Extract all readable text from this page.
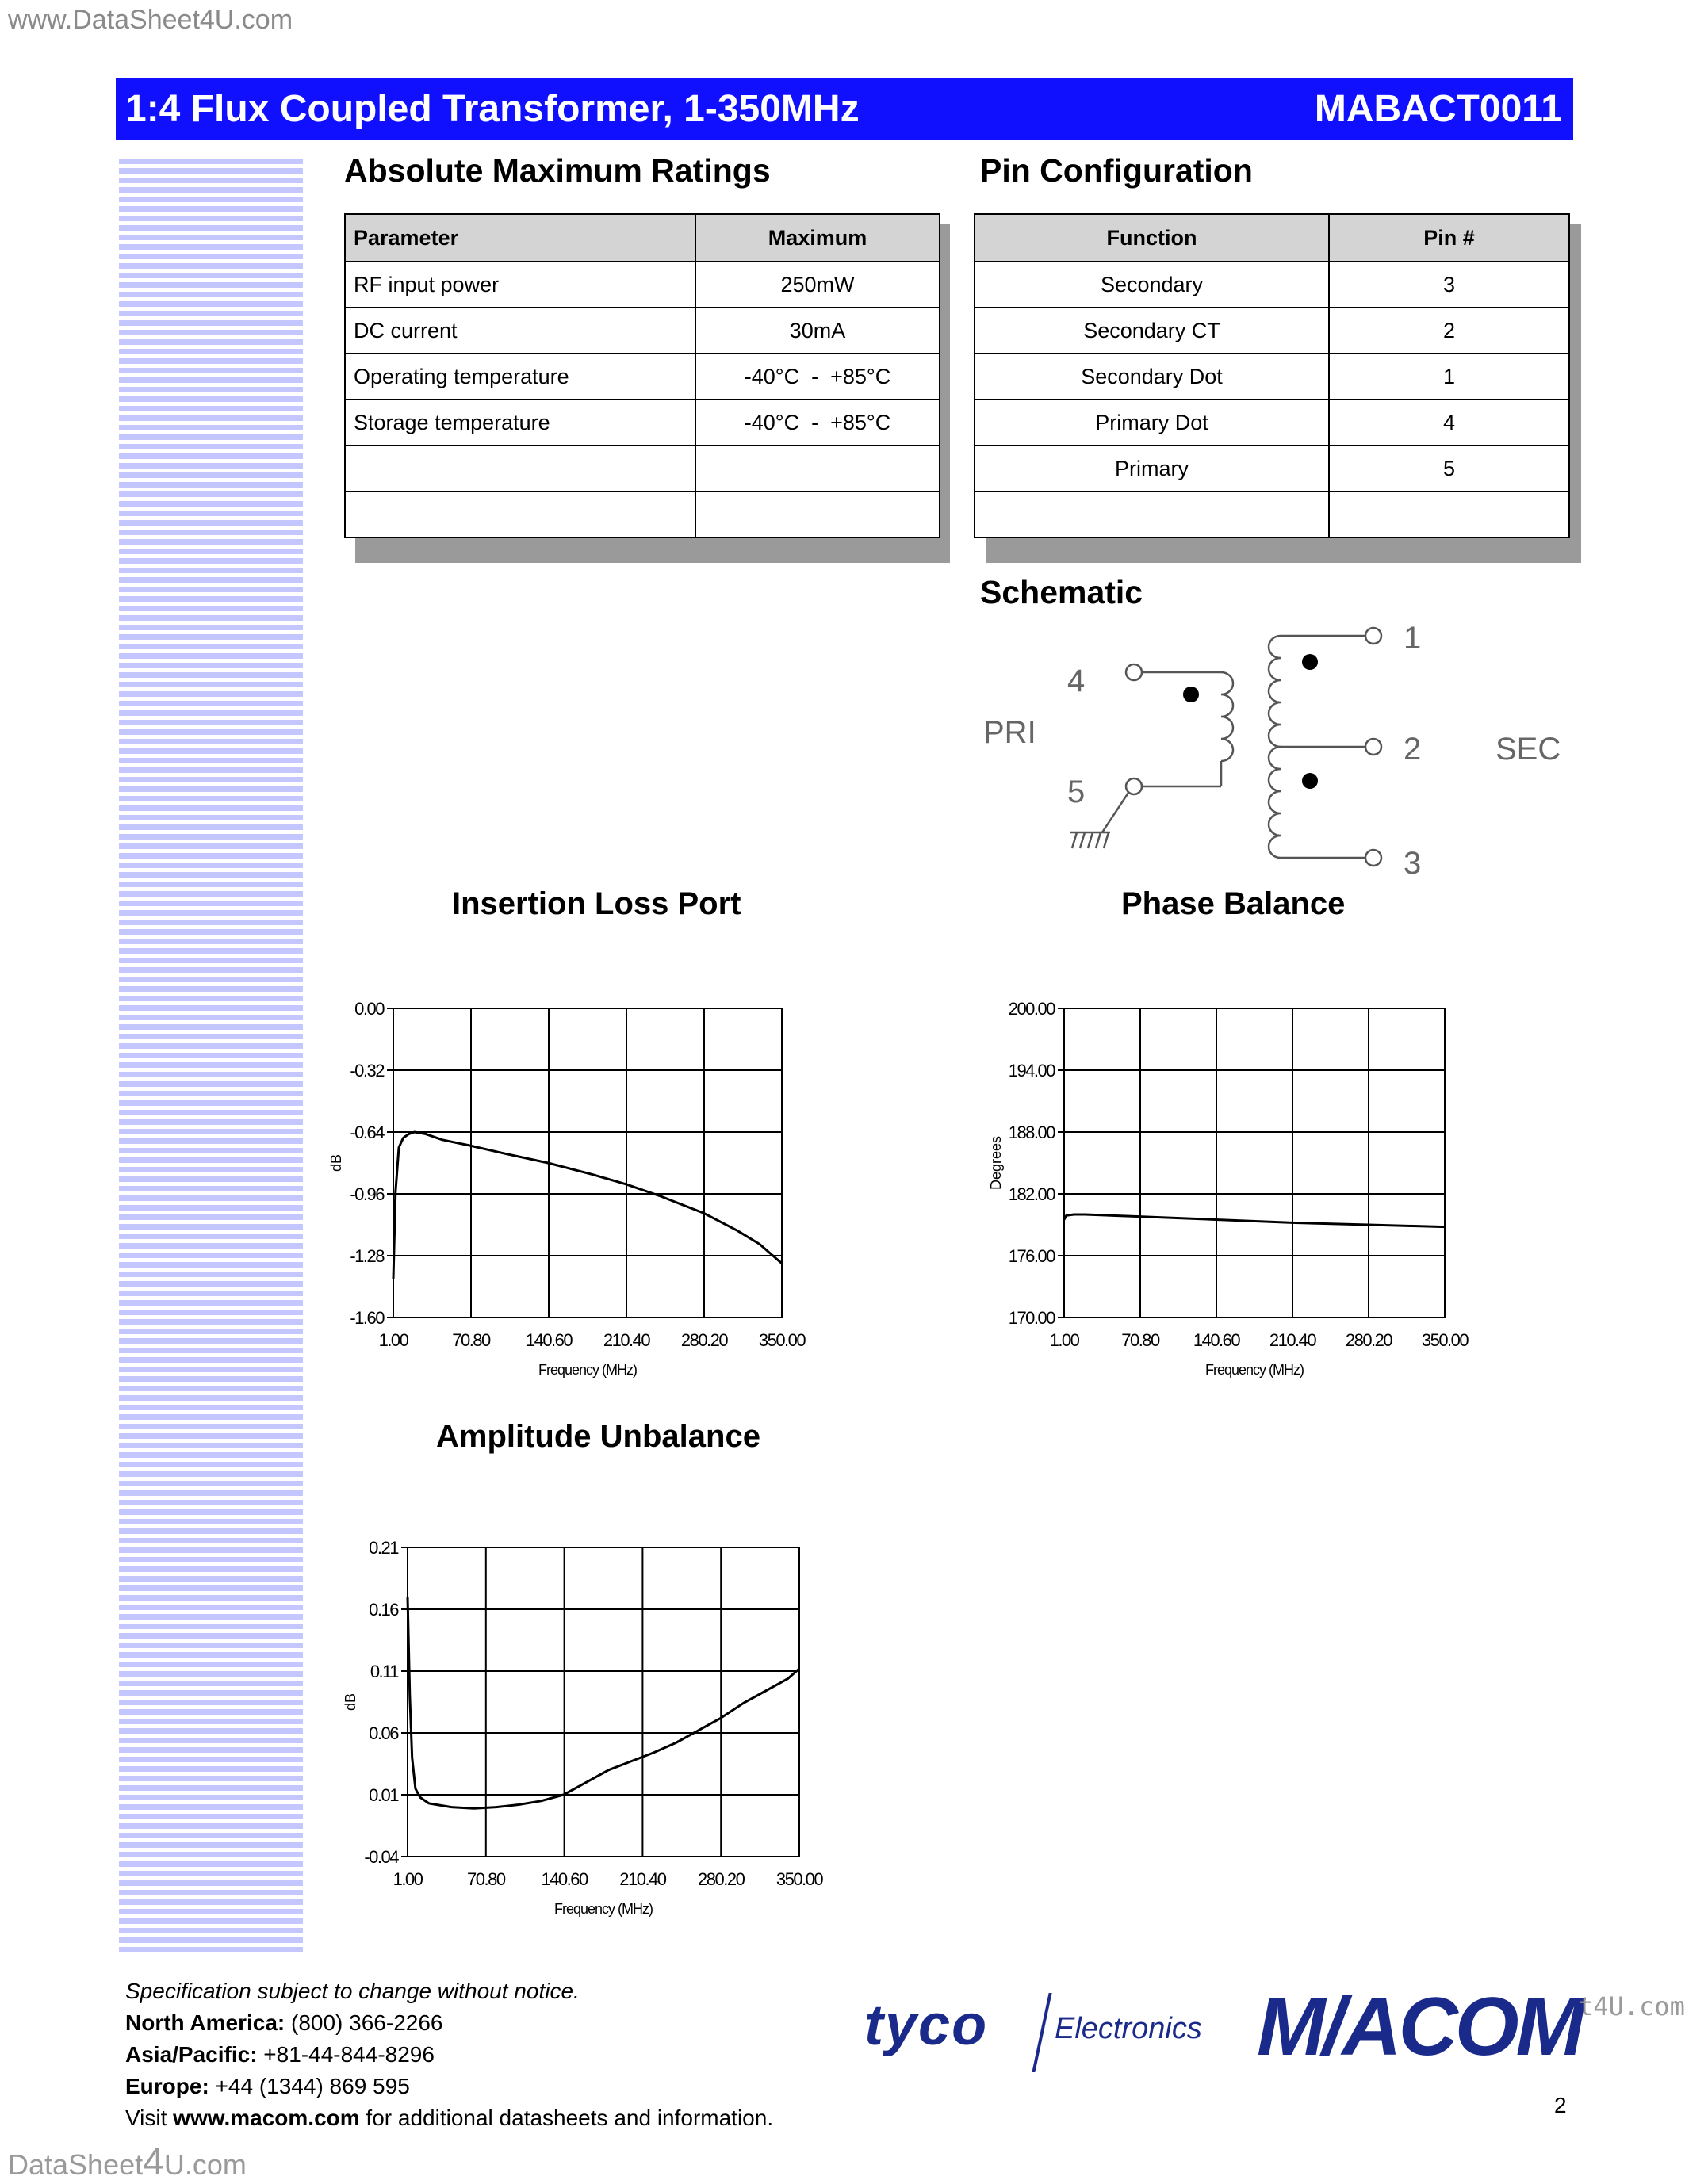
www.DataSheet4U.com
DataSheet4U.com
1:4 Flux Coupled Transformer, 1-350MHz	MABACT0011
Absolute Maximum Ratings
Parameter	Maximum
RF input power	250mW
DC current	30mA
Operating temperature	-40°C  -  +85°C
Storage temperature	-40°C  -  +85°C

Pin Configuration
Function	Pin #
Secondary	3
Secondary CT	2
Secondary Dot	1
Primary Dot	4
Primary	5

Schematic
4
5
PRI
1
2
3
SEC
Insertion Loss Port	Phase Balance
Amplitude Unbalance
1.00	70.80 140.60 210.40 280.20 350.00
0.00
-0.32
-0.64
-0.96
-1.28
-1.60
Frequency (MHz)
dB
1.00 70.80 140.60 210.40 280.20 350.00
200.00
194.00
188.00
182.00
176.00
170.00
Frequency (MHz)
Degrees
1.00	70.80 140.60 210.40 280.20 350.00
0.21
0.16
0.11
0.06
0.01
-0.04
Frequency (MHz)
dB
Specification subject to change without notice.
North America: (800) 366-2266
Asia/Pacific: +81-44-844-8296
Europe: +44 (1344) 869 595
Visit www.macom.com for additional datasheets and information.
tyco Electronics M/ACOM
t4U.com
2
